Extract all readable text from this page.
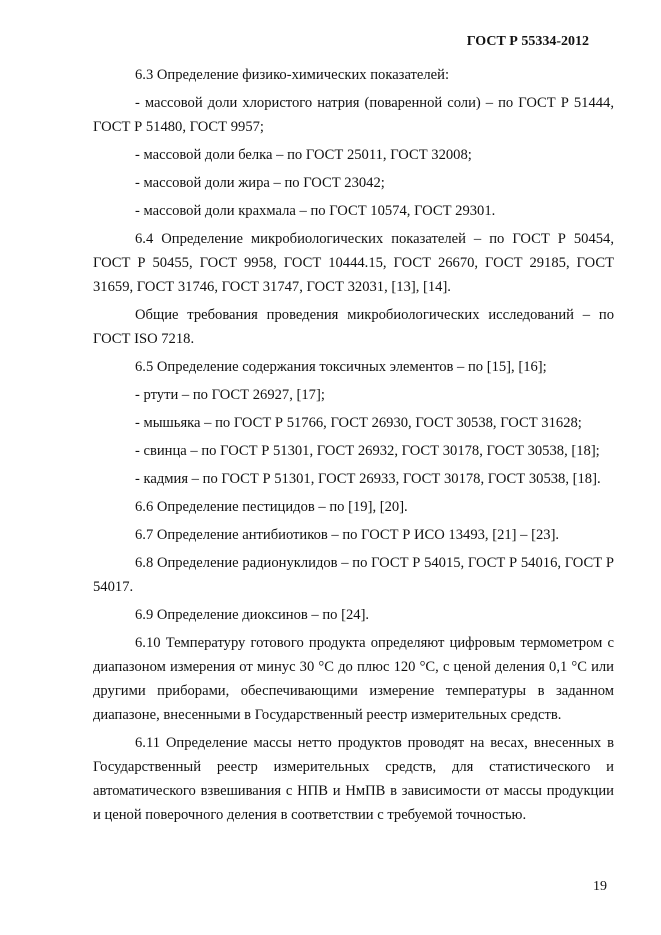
ГОСТ Р 55334-2012

6.3 Определение физико-химических показателей:

- массовой доли хлористого натрия (поваренной соли) – по ГОСТ Р 51444, ГОСТ Р 51480, ГОСТ 9957;

- массовой доли белка – по ГОСТ 25011, ГОСТ 32008;

- массовой доли жира – по ГОСТ 23042;

- массовой доли крахмала – по ГОСТ 10574, ГОСТ 29301.

6.4 Определение микробиологических показателей – по ГОСТ Р 50454, ГОСТ Р 50455, ГОСТ 9958, ГОСТ 10444.15, ГОСТ 26670, ГОСТ 29185, ГОСТ 31659, ГОСТ 31746, ГОСТ 31747, ГОСТ 32031, [13], [14].

Общие требования проведения микробиологических исследований – по ГОСТ ISO 7218.

6.5 Определение содержания токсичных элементов – по [15], [16];

- ртути – по ГОСТ 26927, [17];

- мышьяка – по ГОСТ Р 51766, ГОСТ 26930, ГОСТ 30538, ГОСТ 31628;

- свинца – по ГОСТ Р 51301, ГОСТ 26932, ГОСТ 30178, ГОСТ 30538, [18];

- кадмия – по ГОСТ Р 51301, ГОСТ 26933, ГОСТ 30178, ГОСТ 30538, [18].

6.6 Определение пестицидов – по [19], [20].

6.7 Определение антибиотиков – по ГОСТ Р ИСО 13493, [21] – [23].

6.8 Определение радионуклидов – по ГОСТ Р 54015, ГОСТ Р 54016, ГОСТ Р 54017.

6.9 Определение диоксинов – по [24].

6.10 Температуру готового продукта определяют цифровым термометром с диапазоном измерения от минус 30 °С до плюс 120 °С, с ценой деления 0,1 °С или другими приборами, обеспечивающими измерение температуры в заданном диапазоне, внесенными в Государственный реестр измерительных средств.

6.11 Определение массы нетто продуктов проводят на весах, внесенных в Государственный реестр измерительных средств, для статистического и автоматического взвешивания с НПВ и НмПВ в зависимости от массы продукции и ценой поверочного деления в соответствии с требуемой точностью.

19
